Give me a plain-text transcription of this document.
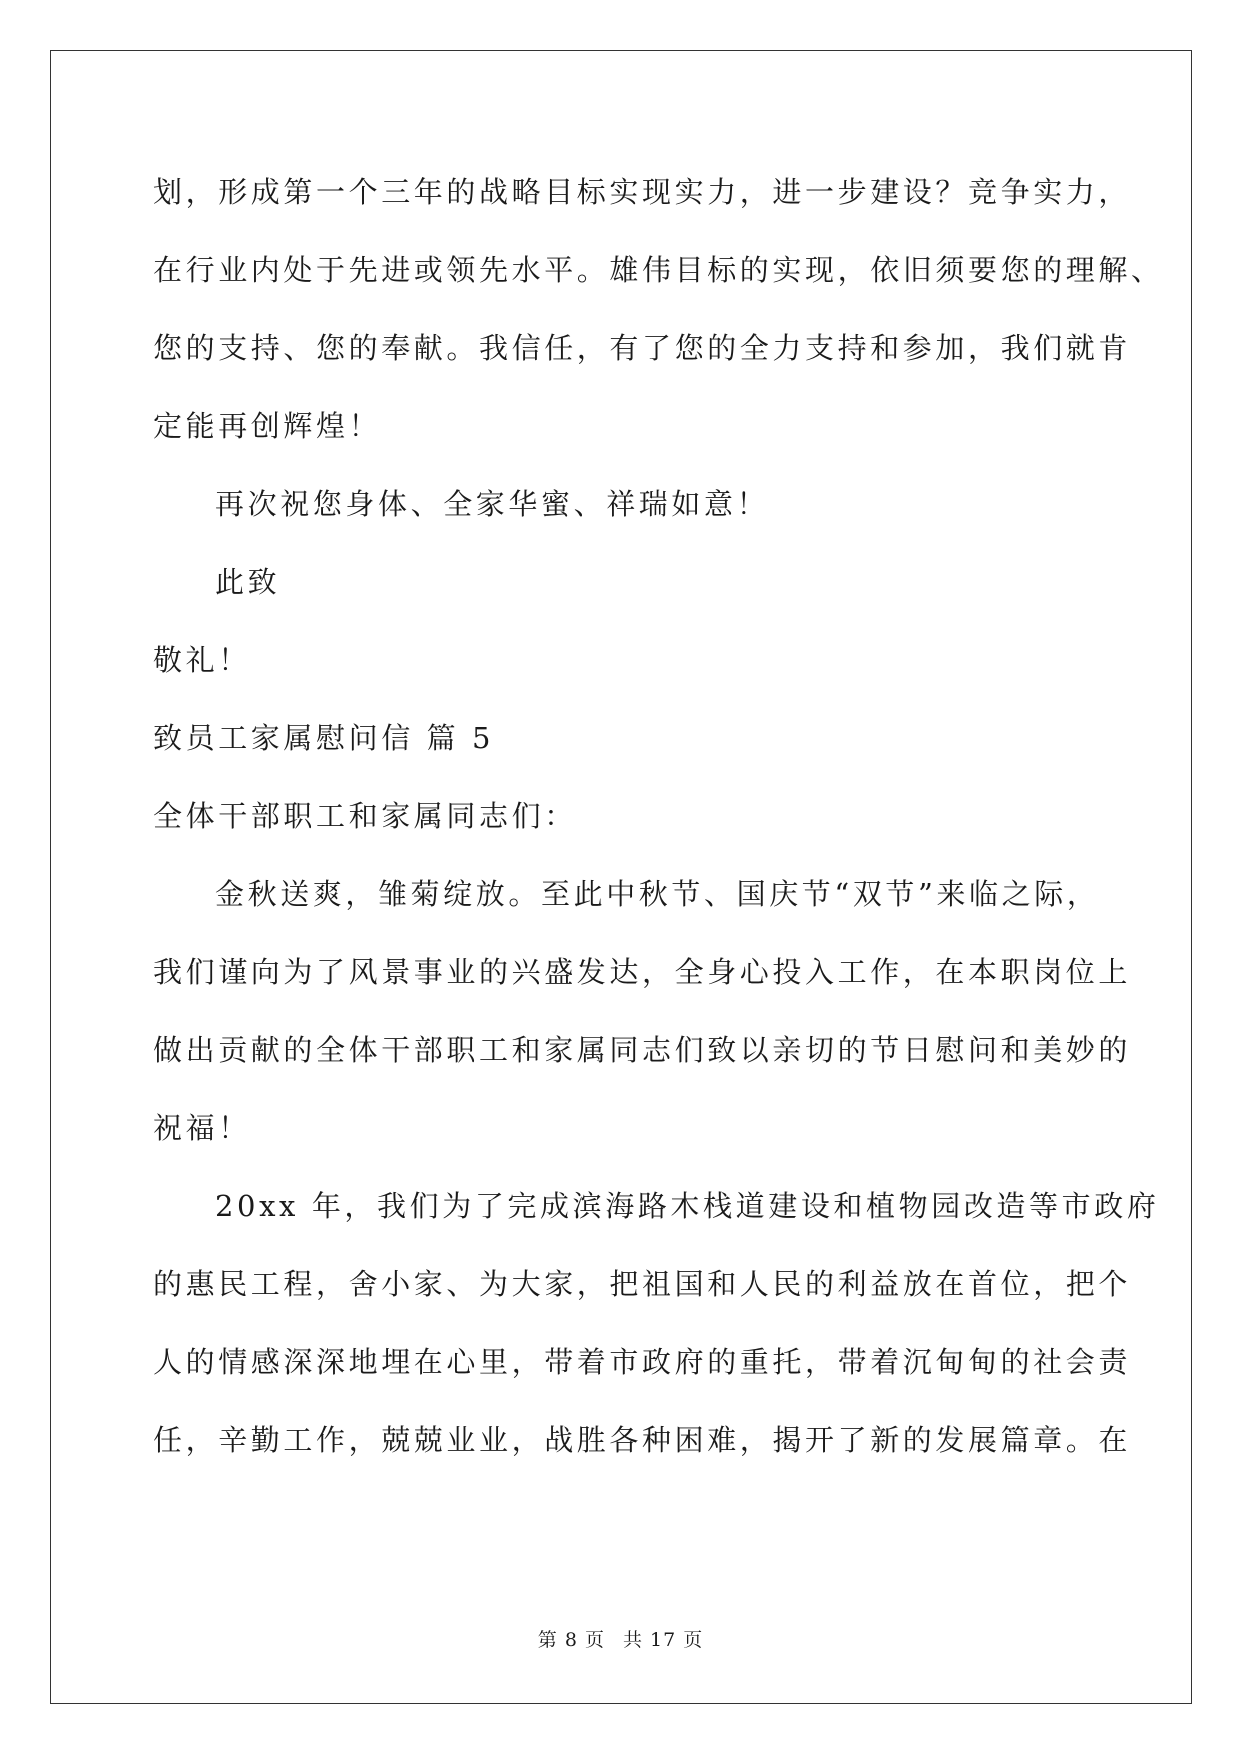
划，形成第一个三年的战略目标实现实力，进一步建设？竞争实力，
在行业内处于先进或领先水平。雄伟目标的实现，依旧须要您的理解、
您的支持、您的奉献。我信任，有了您的全力支持和参加，我们就肯
定能再创辉煌！
再次祝您身体、全家华蜜、祥瑞如意！
此致
敬礼！
致员工家属慰问信 篇 5
全体干部职工和家属同志们：
金秋送爽，雏菊绽放。至此中秋节、国庆节“双节”来临之际，
我们谨向为了风景事业的兴盛发达，全身心投入工作，在本职岗位上
做出贡献的全体干部职工和家属同志们致以亲切的节日慰问和美妙的
祝福！
20xx 年，我们为了完成滨海路木栈道建设和植物园改造等市政府
的惠民工程，舍小家、为大家，把祖国和人民的利益放在首位，把个
人的情感深深地埋在心里，带着市政府的重托，带着沉甸甸的社会责
任，辛勤工作，兢兢业业，战胜各种困难，揭开了新的发展篇章。在
第 8 页 共 17 页
